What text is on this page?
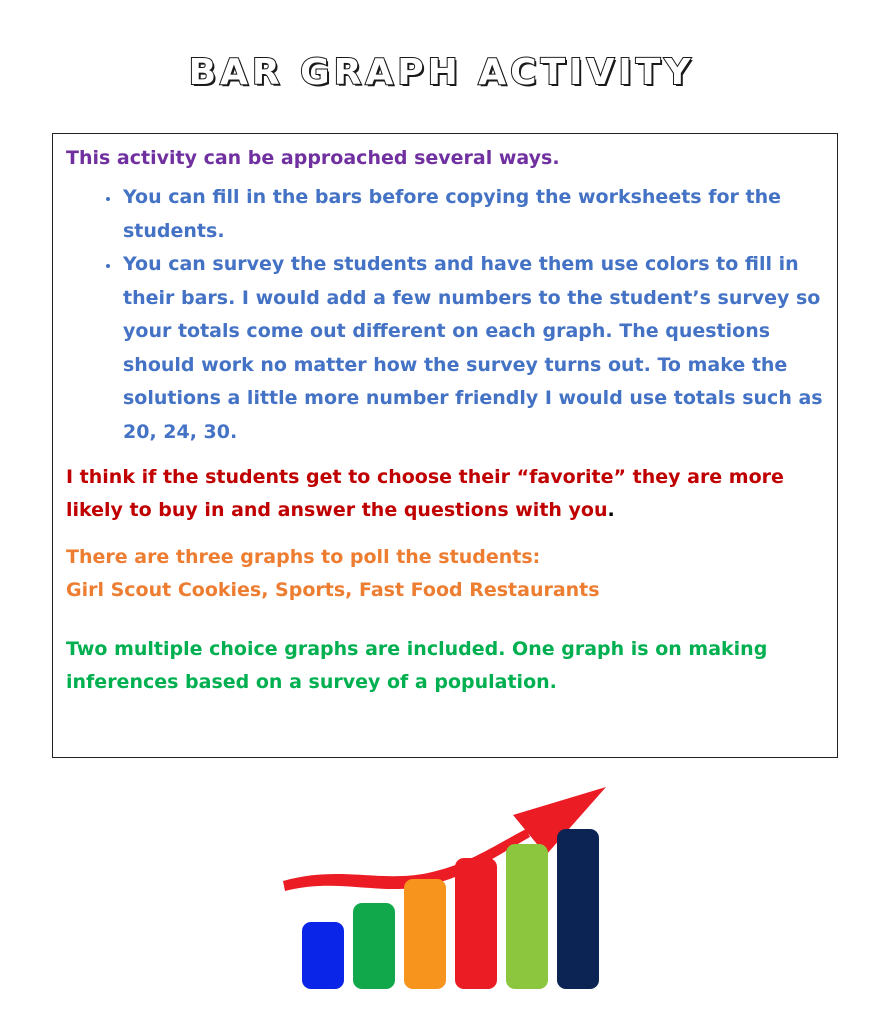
BAR GRAPH ACTIVITY

This activity can be approached several ways.

• You can fill in the bars before copying the worksheets for the students.
• You can survey the students and have them use colors to fill in their bars. I would add a few numbers to the student’s survey so your totals come out different on each graph. The questions should work no matter how the survey turns out. To make the solutions a little more number friendly I would use totals such as 20, 24, 30.

I think if the students get to choose their “favorite” they are more likely to buy in and answer the questions with you.

There are three graphs to poll the students:

Girl Scout Cookies, Sports, Fast Food Restaurants

Two multiple choice graphs are included. One graph is on making inferences based on a survey of a population.
